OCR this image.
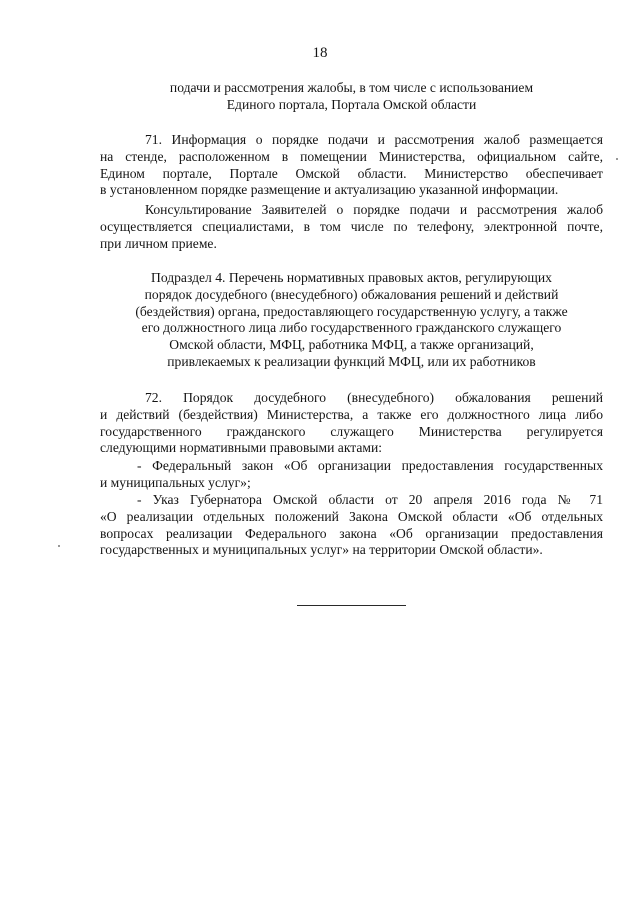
18
подачи и рассмотрения жалобы, в том числе с использованием
Единого портала, Портала Омской области
71. Информация о порядке подачи и рассмотрения жалоб размещается
на стенде, расположенном в помещении Министерства, официальном сайте,
Едином портале, Портале Омской области. Министерство обеспечивает
в установленном порядке размещение и актуализацию указанной информации.
Консультирование Заявителей о порядке подачи и рассмотрения жалоб
осуществляется специалистами, в том числе по телефону, электронной почте,
при личном приеме.
Подраздел 4. Перечень нормативных правовых актов, регулирующих
порядок досудебного (внесудебного) обжалования решений и действий
(бездействия) органа, предоставляющего государственную услугу, а также
его должностного лица либо государственного гражданского служащего
Омской области, МФЦ, работника МФЦ, а также организаций,
привлекаемых к реализации функций МФЦ, или их работников
72. Порядок досудебного (внесудебного) обжалования решений
и действий (бездействия) Министерства, а также его должностного лица либо
государственного гражданского служащего Министерства регулируется
следующими нормативными правовыми актами:
- Федеральный закон «Об организации предоставления государственных
и муниципальных услуг»;
- Указ Губернатора Омской области от 20 апреля 2016 года № 71
«О реализации отдельных положений Закона Омской области «Об отдельных
вопросах реализации Федерального закона «Об организации предоставления
государственных и муниципальных услуг» на территории Омской области».
